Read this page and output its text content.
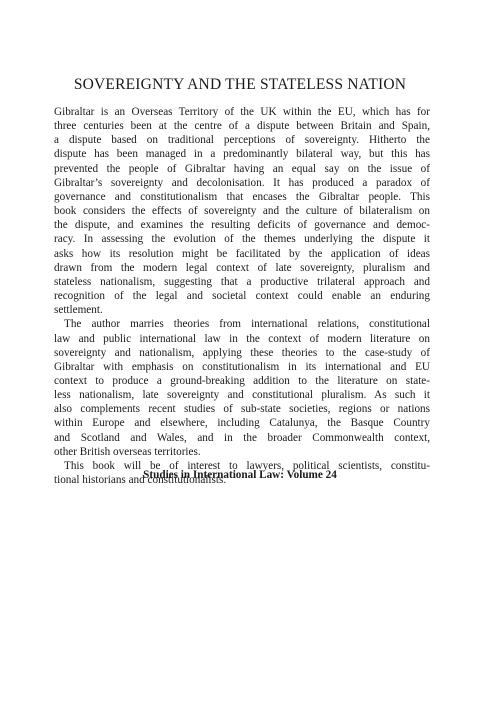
SOVEREIGNTY AND THE STATELESS NATION

Gibraltar is an Overseas Territory of the UK within the EU, which has for
three centuries been at the centre of a dispute between Britain and Spain,
a dispute based on traditional perceptions of sovereignty. Hitherto the
dispute has been managed in a predominantly bilateral way, but this has
prevented the people of Gibraltar having an equal say on the issue of
Gibraltar’s sovereignty and decolonisation. It has produced a paradox of
governance and constitutionalism that encases the Gibraltar people. This
book considers the effects of sovereignty and the culture of bilateralism on
the dispute, and examines the resulting deficits of governance and democ-
racy. In assessing the evolution of the themes underlying the dispute it
asks how its resolution might be facilitated by the application of ideas
drawn from the modern legal context of late sovereignty, pluralism and
stateless nationalism, suggesting that a productive trilateral approach and
recognition of the legal and societal context could enable an enduring
settlement.

The author marries theories from international relations, constitutional
law and public international law in the context of modern literature on
sovereignty and nationalism, applying these theories to the case-study of
Gibraltar with emphasis on constitutionalism in its international and EU
context to produce a ground-breaking addition to the literature on state-
less nationalism, late sovereignty and constitutional pluralism. As such it
also complements recent studies of sub-state societies, regions or nations
within Europe and elsewhere, including Catalunya, the Basque Country
and Scotland and Wales, and in the broader Commonwealth context,
other British overseas territories.

This book will be of interest to lawyers, political scientists, constitu-
tional historians and constitutionalists.

Studies in International Law: Volume 24
